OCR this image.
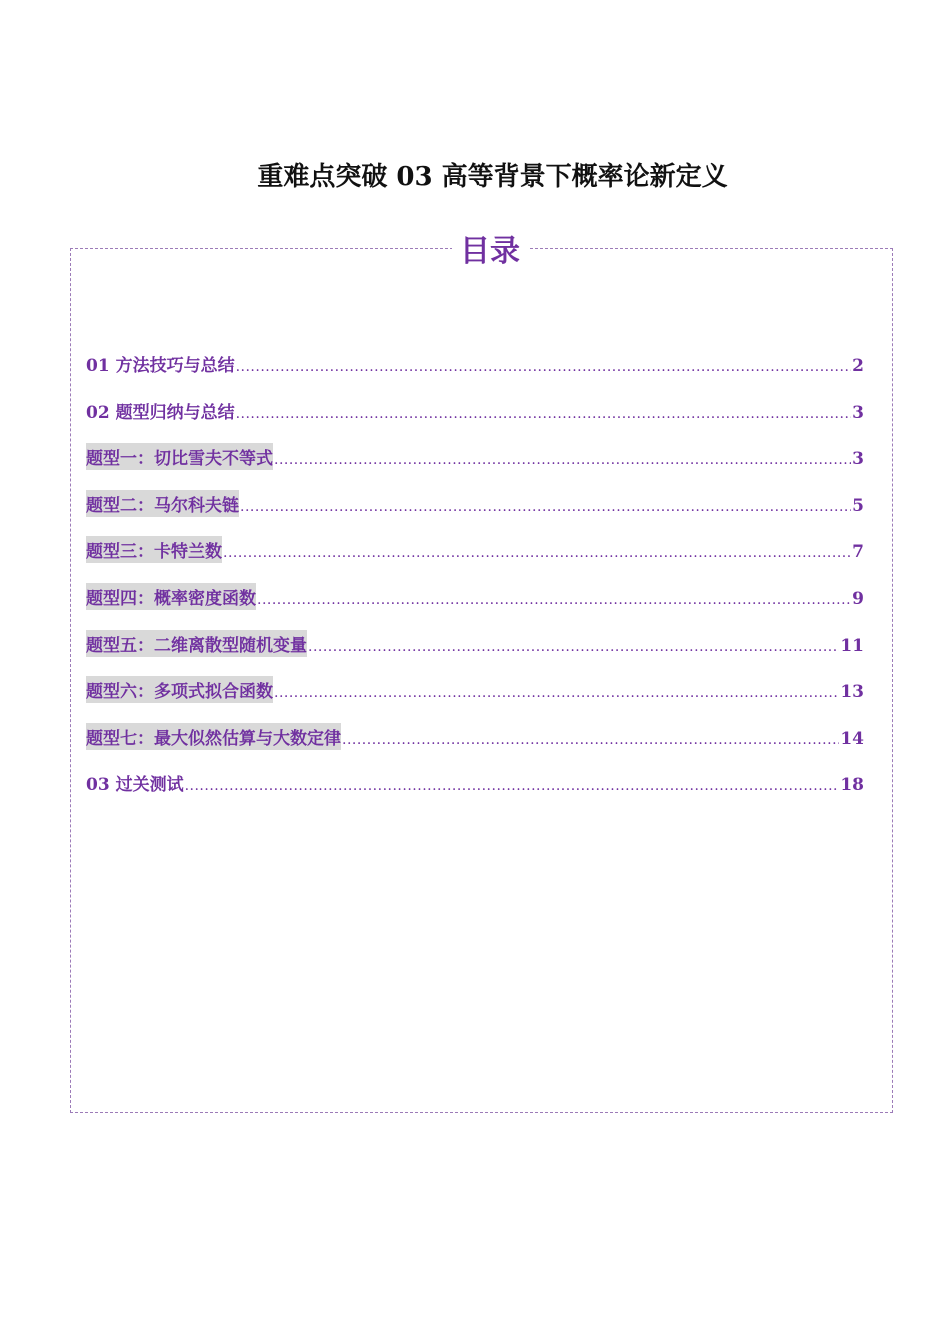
重难点突破 03 高等背景下概率论新定义
目录
01 方法技巧与总结 .....	2
02 题型归纳与总结 .....	3
题型一：切比雪夫不等式 .....	3
题型二：马尔科夫链 .....	5
题型三：卡特兰数 .....	7
题型四：概率密度函数 .....	9
题型五：二维离散型随机变量 .....	11
题型六：多项式拟合函数 .....	13
题型七：最大似然估算与大数定律 .....	14
03 过关测试 .....	18
